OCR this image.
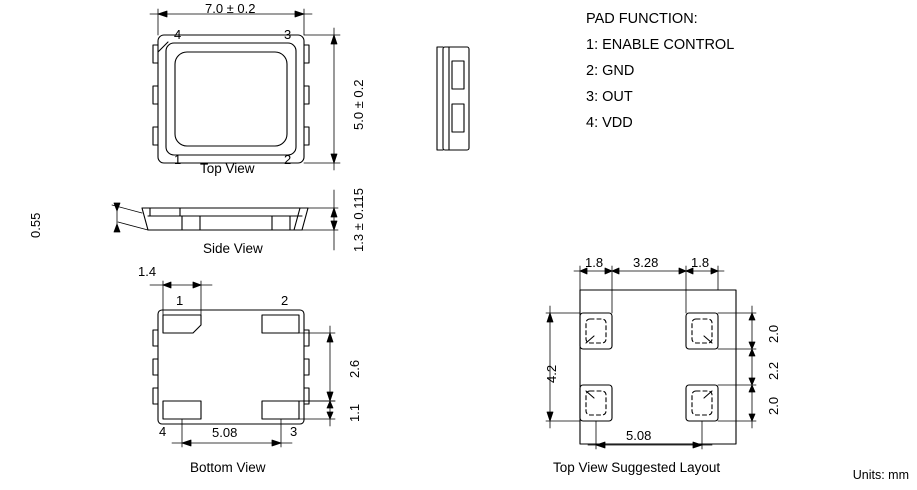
7.0 ± 0.2
5.0 ± 0.2
4	3
1	2
Top View
0.55	1.3 ± 0.115
Side View
1.4
2.6
1.1
5.08
1	2
4	3
Bottom View
1.8 3.28	1.8
4.2
2.0
2.2
2.0
5.08
Top View Suggested Layout
PAD FUNCTION:
1: ENABLE CONTROL
2: GND
3: OUT
4: VDD
Units: mm
